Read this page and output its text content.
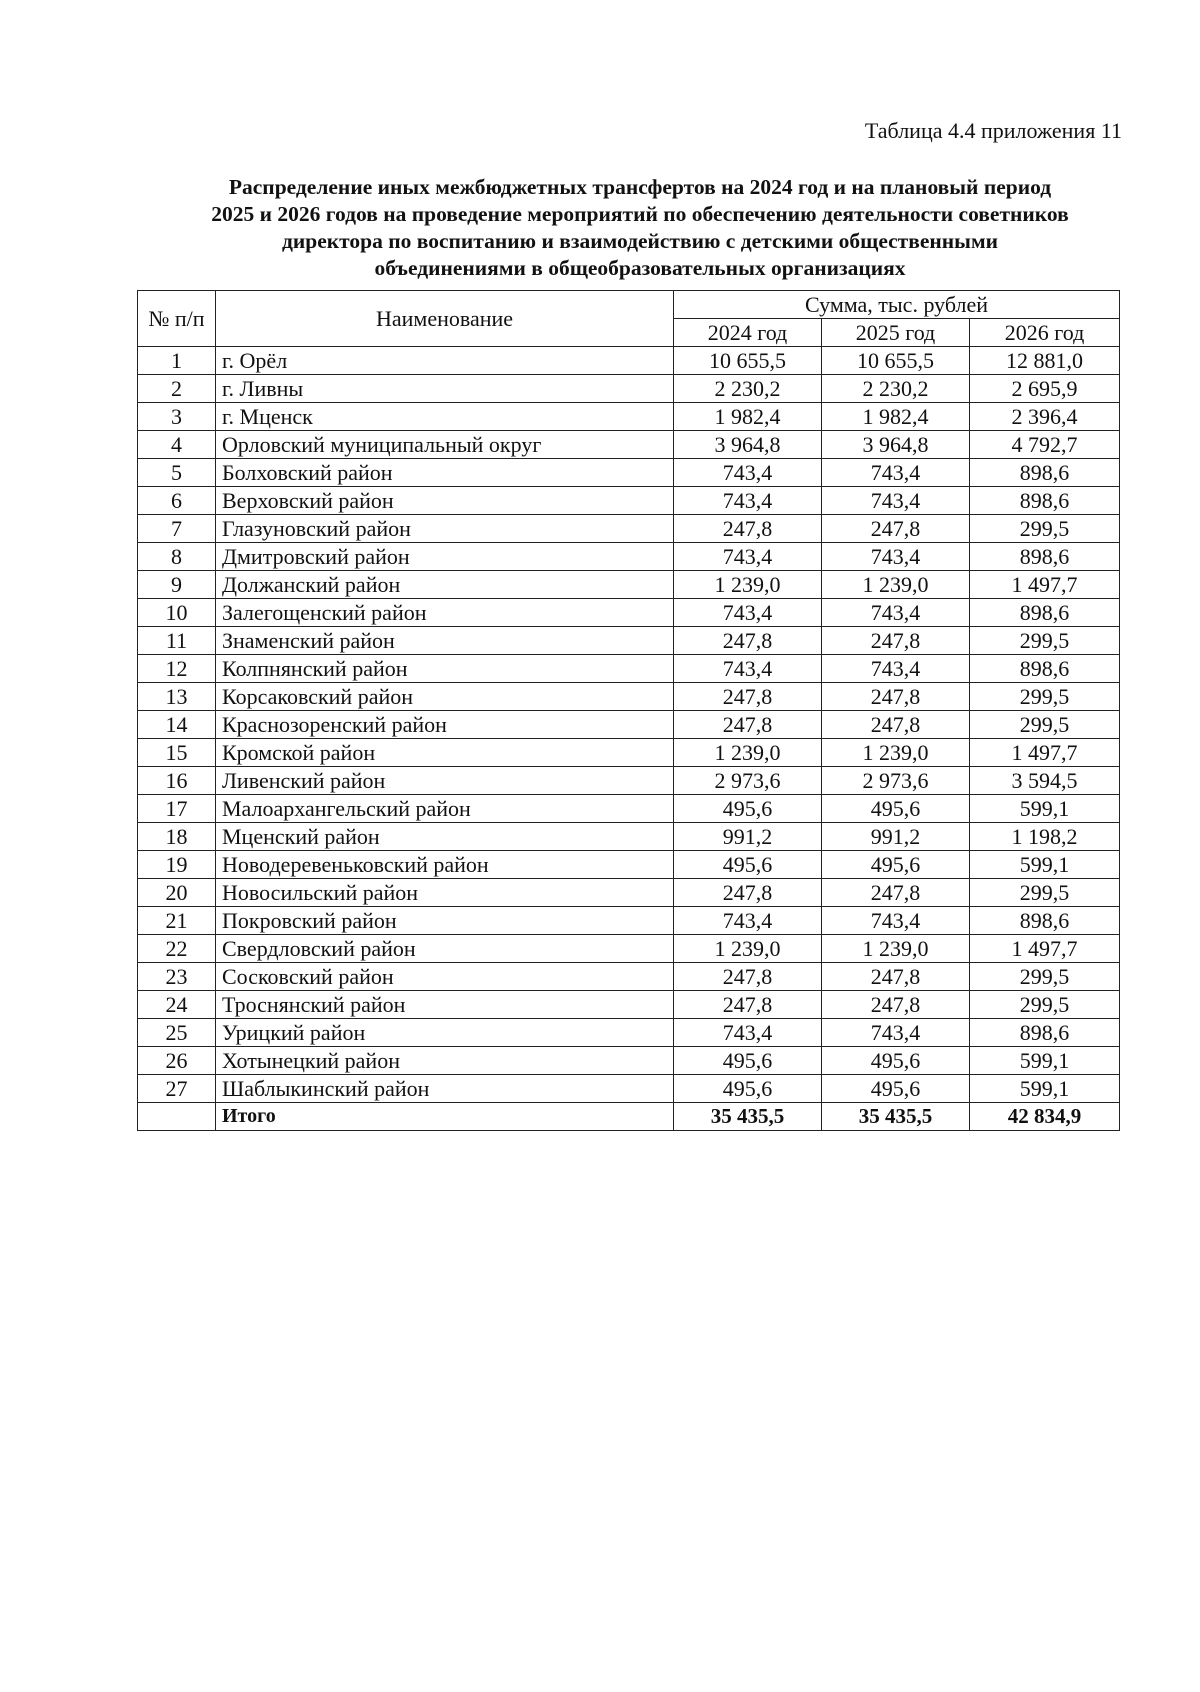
Таблица 4.4 приложения 11
Распределение иных межбюджетных трансфертов на 2024 год и на плановый период
2025 и 2026 годов на проведение мероприятий по обеспечению деятельности советников
директора по воспитанию и взаимодействию с детскими общественными
объединениями в общеобразовательных организациях
№ п/п	Наименование	Сумма, тыс. рублей		
		2024 год	2025 год	2026 год
1	г. Орёл	10 655,5	10 655,5	12 881,0
2	г. Ливны	2 230,2	2 230,2	2 695,9
3	г. Мценск	1 982,4	1 982,4	2 396,4
4	Орловский муниципальный округ	3 964,8	3 964,8	4 792,7
5	Болховский район	743,4	743,4	898,6
6	Верховский район	743,4	743,4	898,6
7	Глазуновский район	247,8	247,8	299,5
8	Дмитровский район	743,4	743,4	898,6
9	Должанский район	1 239,0	1 239,0	1 497,7
10	Залегощенский район	743,4	743,4	898,6
11	Знаменский район	247,8	247,8	299,5
12	Колпнянский район	743,4	743,4	898,6
13	Корсаковский район	247,8	247,8	299,5
14	Краснозоренский район	247,8	247,8	299,5
15	Кромской район	1 239,0	1 239,0	1 497,7
16	Ливенский район	2 973,6	2 973,6	3 594,5
17	Малоархангельский район	495,6	495,6	599,1
18	Мценский район	991,2	991,2	1 198,2
19	Новодеревеньковский район	495,6	495,6	599,1
20	Новосильский район	247,8	247,8	299,5
21	Покровский район	743,4	743,4	898,6
22	Свердловский район	1 239,0	1 239,0	1 497,7
23	Сосковский район	247,8	247,8	299,5
24	Троснянский район	247,8	247,8	299,5
25	Урицкий район	743,4	743,4	898,6
26	Хотынецкий район	495,6	495,6	599,1
27	Шаблыкинский район	495,6	495,6	599,1
	Итого	35 435,5	35 435,5	42 834,9
